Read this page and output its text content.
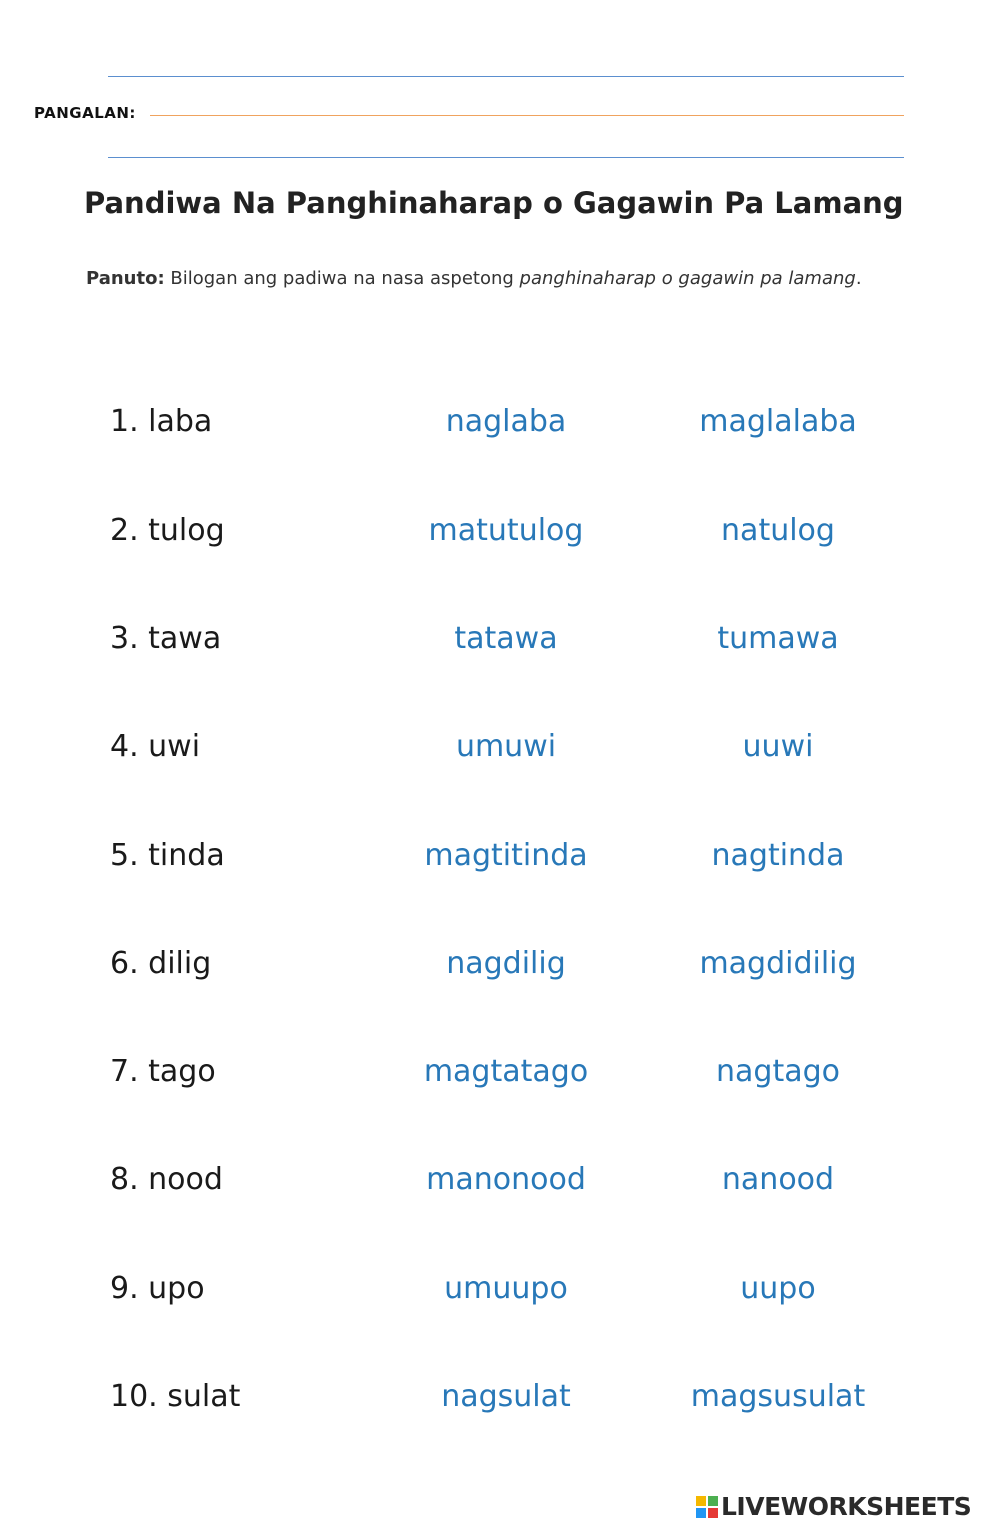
PANGALAN:
Pandiwa Na Panghinaharap o Gagawin Pa Lamang
Panuto: Bilogan ang padiwa na nasa aspetong panghinaharap o gagawin pa lamang.
1. laba	naglaba	maglalaba
2. tulog	matutulog	natulog
3. tawa	tatawa	tumawa
4. uwi	umuwi	uuwi
5. tinda	magtitinda	nagtinda
6. dilig	nagdilig	magdidilig
7. tago	magtatago	nagtago
8. nood	manonood	nanood
9. upo	umuupo	uupo
10. sulat	nagsulat	magsusulat
LIVEWORKSHEETS
